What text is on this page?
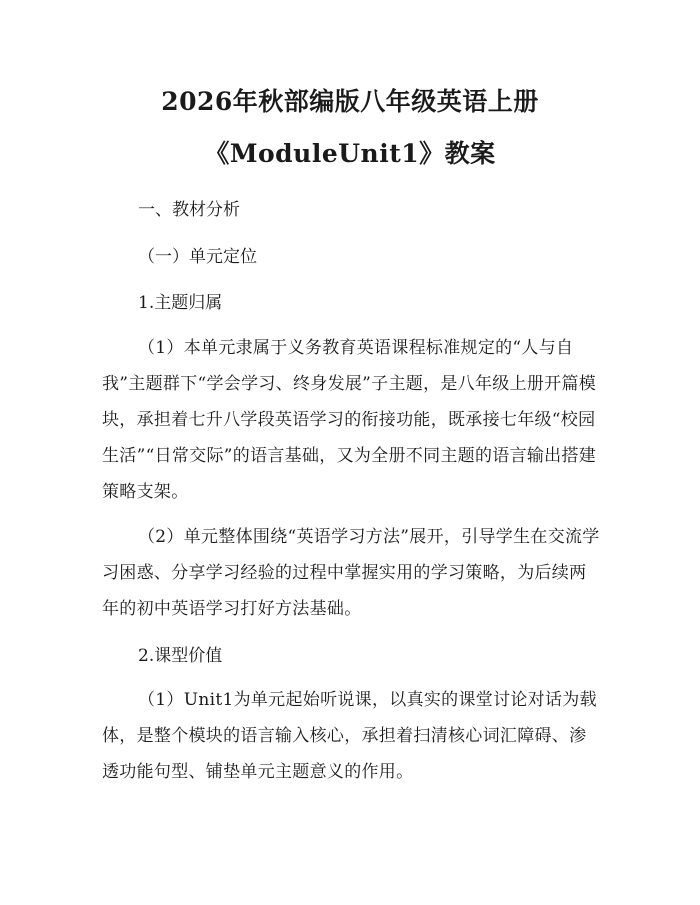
2026年秋部编版八年级英语上册
《ModuleUnit1》教案

一、教材分析

（一）单元定位

1.主题归属

（1）本单元隶属于义务教育英语课程标准规定的“人与自我”主题群下“学会学习、终身发展”子主题，是八年级上册开篇模块，承担着七升八学段英语学习的衔接功能，既承接七年级“校园生活”“日常交际”的语言基础，又为全册不同主题的语言输出搭建策略支架。

（2）单元整体围绕“英语学习方法”展开，引导学生在交流学习困惑、分享学习经验的过程中掌握实用的学习策略，为后续两年的初中英语学习打好方法基础。

2.课型价值

（1）Unit1为单元起始听说课，以真实的课堂讨论对话为载体，是整个模块的语言输入核心，承担着扫清核心词汇障碍、渗透功能句型、铺垫单元主题意义的作用。
